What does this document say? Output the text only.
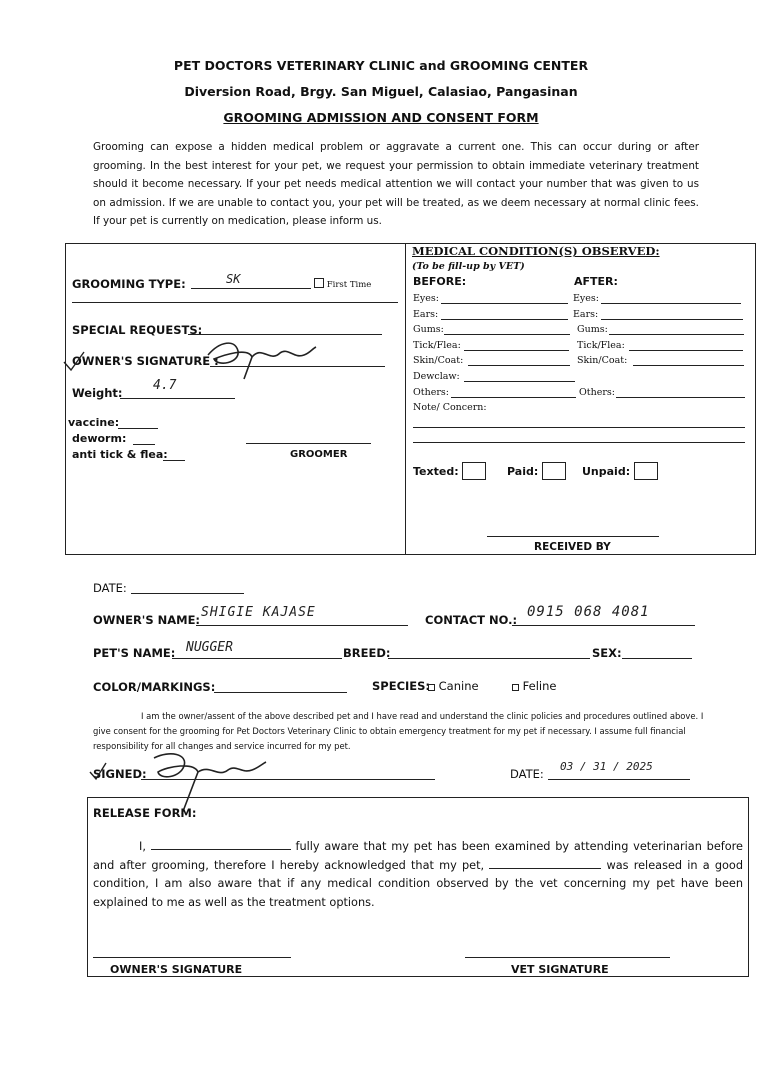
PET DOCTORS VETERINARY CLINIC and GROOMING CENTER
Diversion Road, Brgy. San Miguel, Calasiao, Pangasinan
GROOMING ADMISSION AND CONSENT FORM
Grooming can expose a hidden medical problem or aggravate a current one. This can occur during or after grooming. In the best interest for your pet, we request your permission to obtain immediate veterinary treatment should it become necessary. If your pet needs medical attention we will contact your number that was given to us on admission. If we are unable to contact you, your pet will be treated, as we deem necessary at normal clinic fees. If your pet is currently on medication, please inform us.
GROOMING TYPE:	SK	First Time
SPECIAL REQUESTS:
OWNER'S SIGNATURE :
Weight: 4.7
vaccine:
deworm:
anti tick & flea:	GROOMER
MEDICAL CONDITION(S) OBSERVED:
(To be fill-up by VET)
BEFORE:	AFTER:
Eyes:	Eyes:
Ears:	Ears:
Gums:	Gums:
Tick/Flea:	Tick/Flea:
Skin/Coat:	Skin/Coat:
Dewclaw:
Others:	Others:
Note/ Concern:
Texted:	Paid:	Unpaid:
RECEIVED BY
DATE:
OWNER'S NAME: SHIGIE KAJASE	CONTACT NO.: 0915 068 4081
PET'S NAME: NUGGER	BREED:	SEX:
COLOR/MARKINGS:	SPECIES: Canine	Feline
I am the owner/assent of the above described pet and I have read and understand the clinic policies and procedures outlined above. I give consent for the grooming for Pet Doctors Veterinary Clinic to obtain emergency treatment for my pet if necessary. I assume full financial responsibility for all changes and service incurred for my pet.
SIGNED:	DATE:
03 / 31 / 2025
RELEASE FORM:
I,	fully aware that my pet has been examined by attending veterinarian before and after grooming, therefore I hereby acknowledged that my pet,	was released in a good condition, I am also aware that if any medical condition observed by the vet concerning my pet have been explained to me as well as the treatment options.
OWNER'S SIGNATURE	VET SIGNATURE
